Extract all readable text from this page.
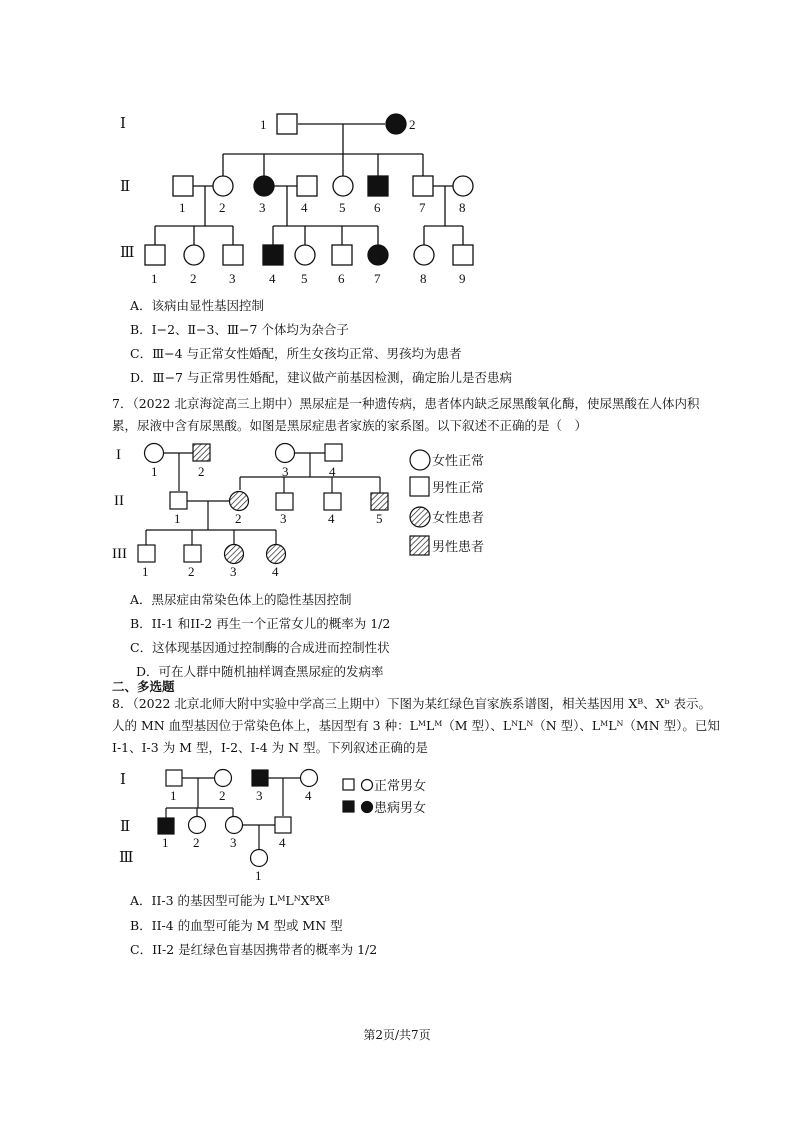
Ⅰ
Ⅱ
Ⅲ
1	2
1	2	3	4 5 6	7	8
1	2	3	4 5 6 7	8	9
A．该病由显性基因控制
B．Ⅰ−2、Ⅱ−3、Ⅲ−7 个体均为杂合子
C．Ⅲ−4 与正常女性婚配，所生女孩均正常、男孩均为患者
D．Ⅲ−7 与正常男性婚配，建议做产前基因检测，确定胎儿是否患病
7．（2022 北京海淀高三上期中）黑尿症是一种遗传病，患者体内缺乏尿黑酸氧化酶，使尿黑酸在人体内积
累，尿液中含有尿黑酸。如图是黑尿症患者家族的家系图。以下叙述不正确的是（　）
I
II
III
1	2	3	4
1	2	3	4	5
1	2	3	4
女性正常
男性正常
女性患者
男性患者
A．黑尿症由常染色体上的隐性基因控制
B．II-1 和II-2 再生一个正常女儿的概率为 1/2
C．这体现基因通过控制酶的合成进而控制性状
D．可在人群中随机抽样调查黑尿症的发病率
二、多选题
8．（2022 北京北师大附中实验中学高三上期中）下图为某红绿色盲家族系谱图，相关基因用 Xᴮ、Xᵇ 表示。
人的 MN 血型基因位于常染色体上，基因型有 3 种：LᴹLᴹ（M 型）、LᴺLᴺ（N 型）、LᴹLᴺ（MN 型）。已知
I-1、I-3 为 M 型，I-2、I-4 为 N 型。下列叙述正确的是
Ⅰ
Ⅱ
Ⅲ
1	2 3	4
1 2 3	4
1
正常男女
患病男女
A．II-3 的基因型可能为 LᴹLᴺXᴮXᴮ
B．II-4 的血型可能为 M 型或 MN 型
C．II-2 是红绿色盲基因携带者的概率为 1/2
第2页/共7页
